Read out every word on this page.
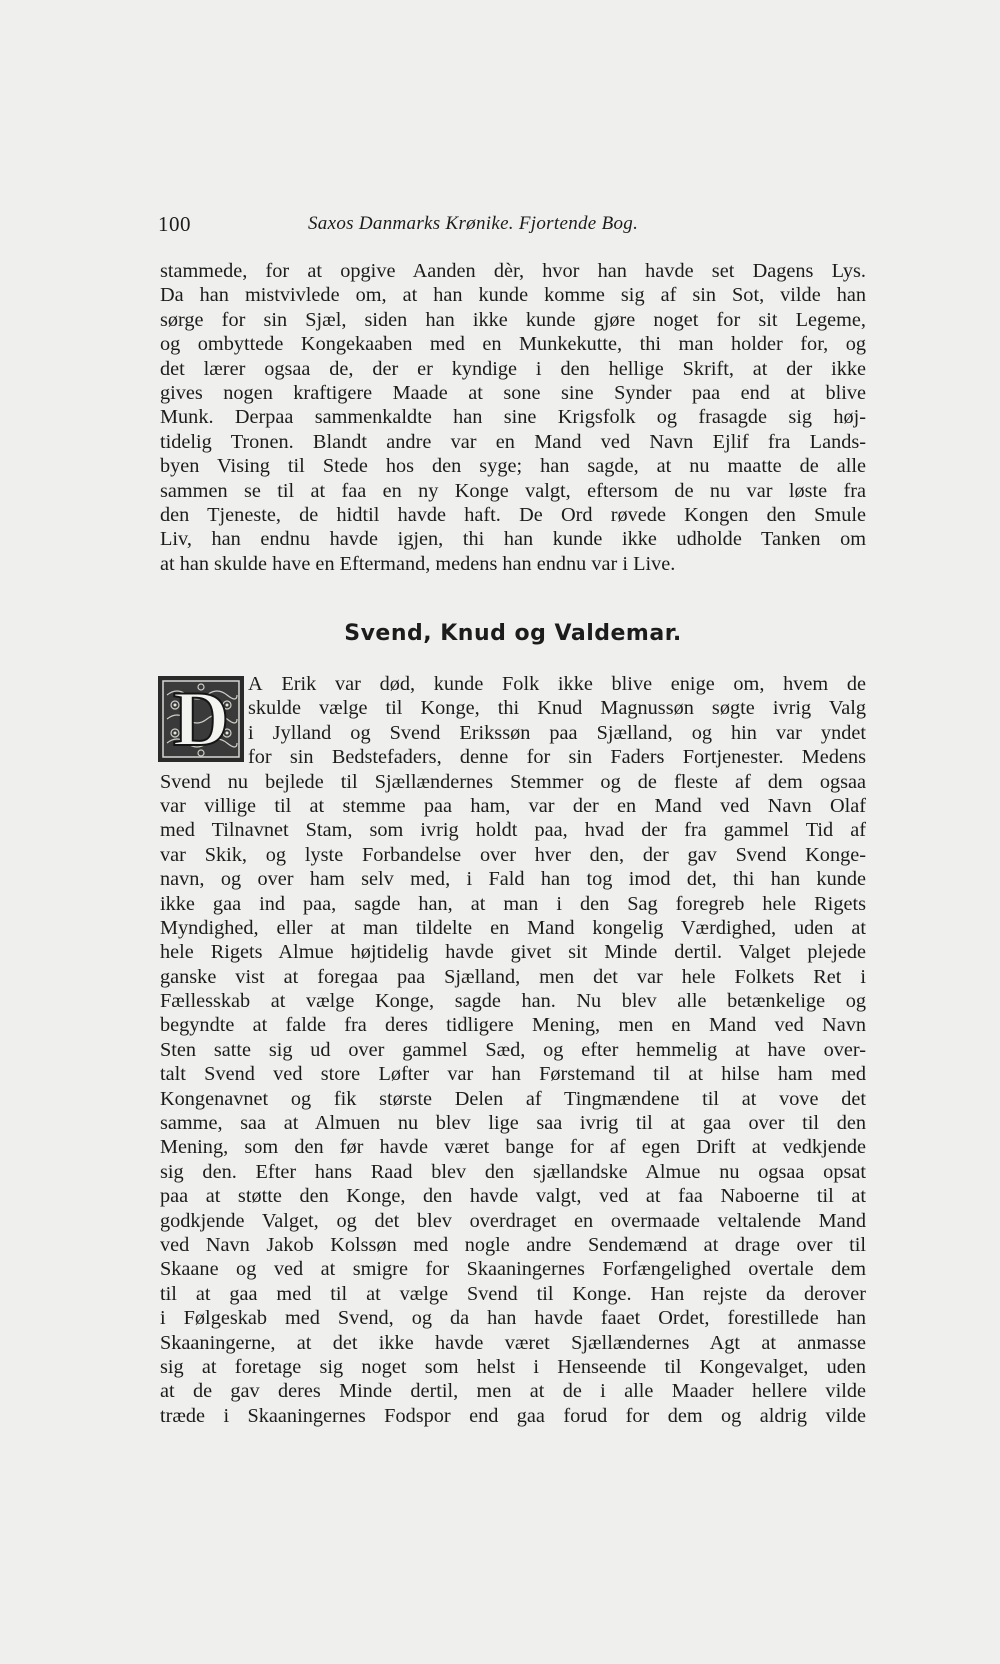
100	Saxos Danmarks Krønike. Fjortende Bog.
stammede, for at opgive Aanden dèr, hvor han havde set Dagens Lys.
Da han mistvivlede om, at han kunde komme sig af sin Sot, vilde han
sørge for sin Sjæl, siden han ikke kunde gjøre noget for sit Legeme,
og ombyttede Kongekaaben med en Munkekutte, thi man holder for, og
det lærer ogsaa de, der er kyndige i den hellige Skrift, at der ikke
gives nogen kraftigere Maade at sone sine Synder paa end at blive
Munk. Derpaa sammenkaldte han sine Krigsfolk og frasagde sig høj-
tidelig Tronen. Blandt andre var en Mand ved Navn Ejlif fra Lands-
byen Vising til Stede hos den syge; han sagde, at nu maatte de alle
sammen se til at faa en ny Konge valgt, eftersom de nu var løste fra
den Tjeneste, de hidtil havde haft. De Ord røvede Kongen den Smule
Liv, han endnu havde igjen, thi han kunde ikke udholde Tanken om
at han skulde have en Eftermand, medens han endnu var i Live.
Svend, Knud og Valdemar.
D A Erik var død, kunde Folk ikke blive enige om, hvem de
skulde vælge til Konge, thi Knud Magnussøn søgte ivrig Valg
i Jylland og Svend Erikssøn paa Sjælland, og hin var yndet
for sin Bedstefaders, denne for sin Faders Fortjenester. Medens
Svend nu bejlede til Sjællændernes Stemmer og de fleste af dem ogsaa
var villige til at stemme paa ham, var der en Mand ved Navn Olaf
med Tilnavnet Stam, som ivrig holdt paa, hvad der fra gammel Tid af
var Skik, og lyste Forbandelse over hver den, der gav Svend Konge-
navn, og over ham selv med, i Fald han tog imod det, thi han kunde
ikke gaa ind paa, sagde han, at man i den Sag foregreb hele Rigets
Myndighed, eller at man tildelte en Mand kongelig Værdighed, uden at
hele Rigets Almue højtidelig havde givet sit Minde dertil. Valget plejede
ganske vist at foregaa paa Sjælland, men det var hele Folkets Ret i
Fællesskab at vælge Konge, sagde han. Nu blev alle betænkelige og
begyndte at falde fra deres tidligere Mening, men en Mand ved Navn
Sten satte sig ud over gammel Sæd, og efter hemmelig at have over-
talt Svend ved store Løfter var han Førstemand til at hilse ham med
Kongenavnet og fik største Delen af Tingmændene til at vove det
samme, saa at Almuen nu blev lige saa ivrig til at gaa over til den
Mening, som den før havde været bange for af egen Drift at vedkjende
sig den. Efter hans Raad blev den sjællandske Almue nu ogsaa opsat
paa at støtte den Konge, den havde valgt, ved at faa Naboerne til at
godkjende Valget, og det blev overdraget en overmaade veltalende Mand
ved Navn Jakob Kolssøn med nogle andre Sendemænd at drage over til
Skaane og ved at smigre for Skaaningernes Forfængelighed overtale dem
til at gaa med til at vælge Svend til Konge. Han rejste da derover
i Følgeskab med Svend, og da han havde faaet Ordet, forestillede han
Skaaningerne, at det ikke havde været Sjællændernes Agt at anmasse
sig at foretage sig noget som helst i Henseende til Kongevalget, uden
at de gav deres Minde dertil, men at de i alle Maader hellere vilde
træde i Skaaningernes Fodspor end gaa forud for dem og aldrig vilde
